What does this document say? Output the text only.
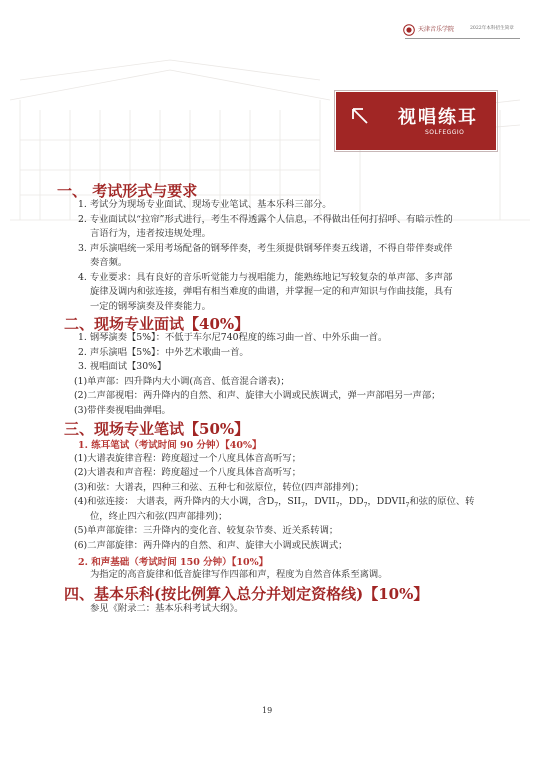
天津音乐学院	2022年本科招生简章
视唱练耳
SOLFEGGIO
一、 考试形式与要求
1. 考试分为现场专业面试、现场专业笔试、基本乐科三部分。
2. 专业面试以“拉帘”形式进行，考生不得透露个人信息，不得做出任何打招呼、有暗示性的
言语行为，违者按违规处理。
3. 声乐演唱统一采用考场配备的钢琴伴奏，考生须提供钢琴伴奏五线谱，不得自带伴奏或伴
奏音频。
4. 专业要求：具有良好的音乐听觉能力与视唱能力，能熟练地记写较复杂的单声部、多声部
旋律及调内和弦连接，弹唱有相当难度的曲谱，并掌握一定的和声知识与作曲技能，具有
一定的钢琴演奏及伴奏能力。
二、现场专业面试【40%】
1. 钢琴演奏【5%】：不低于车尔尼740程度的练习曲一首、中外乐曲一首。
2. 声乐演唱【5%】：中外艺术歌曲一首。
3. 视唱面试【30%】
(1)单声部：四升降内大小调(高音、低音混合谱表)；
(2)二声部视唱：两升降内的自然、和声、旋律大小调或民族调式，弹一声部唱另一声部；
(3)带伴奏视唱曲弹唱。
三、现场专业笔试【50%】
1. 练耳笔试（考试时间 90 分钟）【40%】
(1)大谱表旋律音程：跨度超过一个八度具体音高听写；
(2)大谱表和声音程：跨度超过一个八度具体音高听写；
(3)和弦：大谱表，四种三和弦、五种七和弦原位，转位(四声部排列)；
(4)和弦连接： 大谱表，两升降内的大小调，含$D_7$，$SII_7$，$DVII_7$，$DD_7$，$DDVII_7$和弦的原位、转
位，终止四六和弦(四声部排列)；
(5)单声部旋律：三升降内的变化音、较复杂节奏、近关系转调；
(6)二声部旋律：两升降内的自然、和声、旋律大小调或民族调式；
2. 和声基础（考试时间 150 分钟）【10%】
为指定的高音旋律和低音旋律写作四部和声，程度为自然音体系至离调。
四、基本乐科(按比例算入总分并划定资格线)【10%】
参见《附录二：基本乐科考试大纲》。
19
